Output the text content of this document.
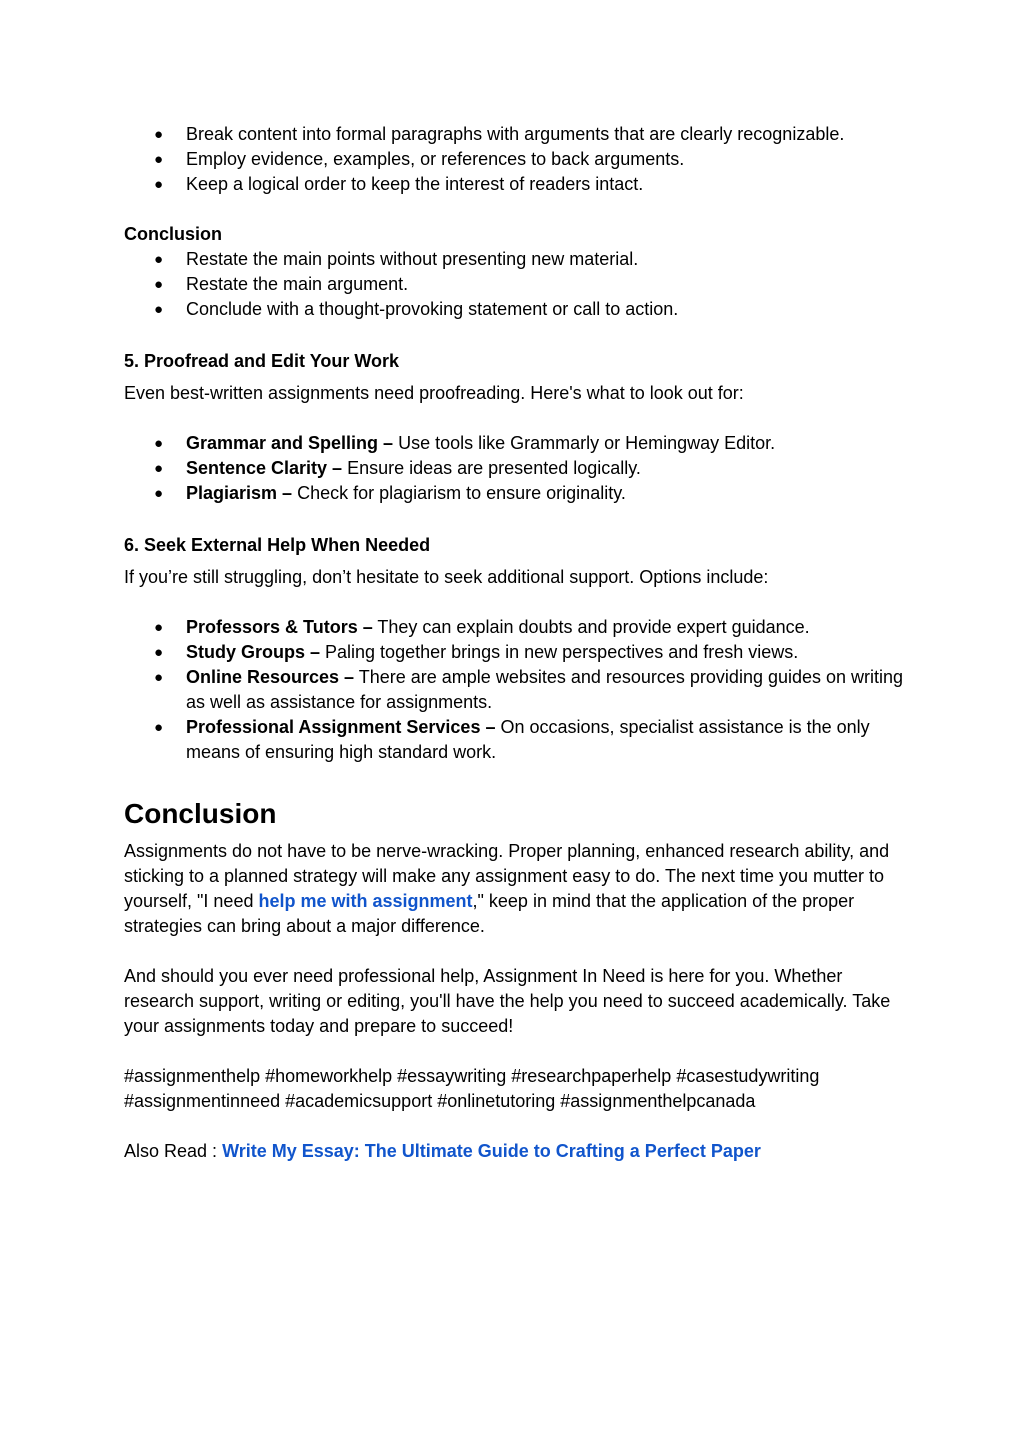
● Break content into formal paragraphs with arguments that are clearly recognizable.
● Employ evidence, examples, or references to back arguments.
● Keep a logical order to keep the interest of readers intact.

Conclusion

● Restate the main points without presenting new material.
● Restate the main argument.
● Conclude with a thought-provoking statement or call to action.

5. Proofread and Edit Your Work

Even best-written assignments need proofreading. Here's what to look out for:

● Grammar and Spelling – Use tools like Grammarly or Hemingway Editor.
● Sentence Clarity – Ensure ideas are presented logically.
● Plagiarism – Check for plagiarism to ensure originality.

6. Seek External Help When Needed

If you’re still struggling, don’t hesitate to seek additional support. Options include:

● Professors & Tutors – They can explain doubts and provide expert guidance.
● Study Groups – Paling together brings in new perspectives and fresh views.
● Online Resources – There are ample websites and resources providing guides on writing as well as assistance for assignments.
● Professional Assignment Services – On occasions, specialist assistance is the only means of ensuring high standard work.

Conclusion

Assignments do not have to be nerve-wracking. Proper planning, enhanced research ability, and sticking to a planned strategy will make any assignment easy to do. The next time you mutter to yourself, "I need help me with assignment," keep in mind that the application of the proper strategies can bring about a major difference.

And should you ever need professional help, Assignment In Need is here for you. Whether research support, writing or editing, you'll have the help you need to succeed academically. Take your assignments today and prepare to succeed!

#assignmenthelp #homeworkhelp #essaywriting #researchpaperhelp #casestudywriting #assignmentinneed #academicsupport #onlinetutoring #assignmenthelpcanada

Also Read : Write My Essay: The Ultimate Guide to Crafting a Perfect Paper
